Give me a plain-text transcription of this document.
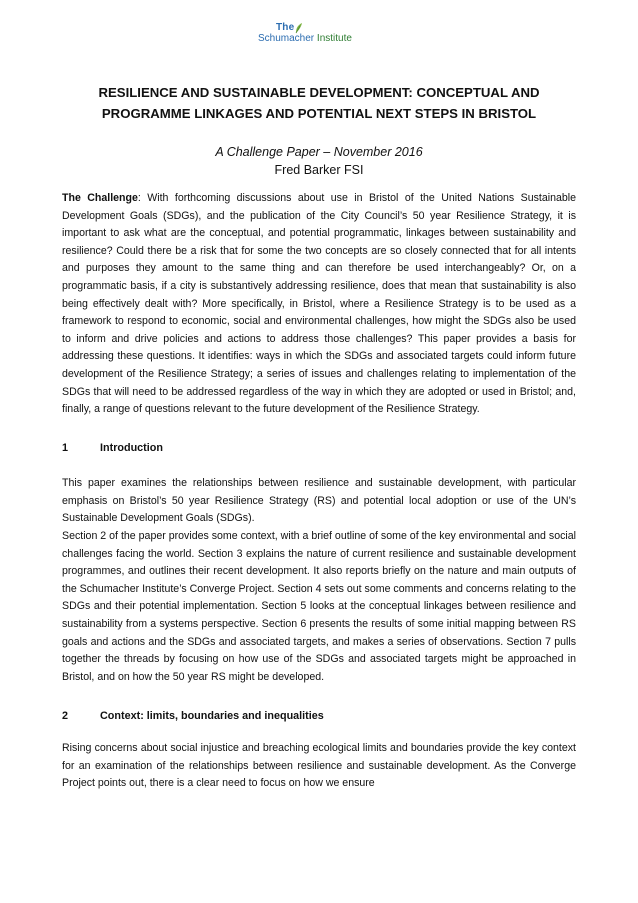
The
Schumacher Institute
RESILIENCE AND SUSTAINABLE DEVELOPMENT: CONCEPTUAL AND
PROGRAMME LINKAGES AND POTENTIAL NEXT STEPS IN BRISTOL

A Challenge Paper – November 2016

Fred Barker FSI

The Challenge: With forthcoming discussions about use in Bristol of the United Nations Sustainable Development Goals (SDGs), and the publication of the City Council’s 50 year Resilience Strategy, it is important to ask what are the conceptual, and potential programmatic, linkages between sustainability and resilience? Could there be a risk that for some the two concepts are so closely connected that for all intents and purposes they amount to the same thing and can therefore be used interchangeably? Or, on a programmatic basis, if a city is substantively addressing resilience, does that mean that sustainability is also being effectively dealt with? More specifically, in Bristol, where a Resilience Strategy is to be used as a framework to respond to economic, social and environmental challenges, how might the SDGs also be used to inform and drive policies and actions to address those challenges? This paper provides a basis for addressing these questions. It identifies: ways in which the SDGs and associated targets could inform future development of the Resilience Strategy; a series of issues and challenges relating to implementation of the SDGs that will need to be addressed regardless of the way in which they are adopted or used in Bristol; and, finally, a range of questions relevant to the future development of the Resilience Strategy.

1	Introduction

This paper examines the relationships between resilience and sustainable development, with particular emphasis on Bristol’s 50 year Resilience Strategy (RS) and potential local adoption or use of the UN’s Sustainable Development Goals (SDGs).

Section 2 of the paper provides some context, with a brief outline of some of the key environmental and social challenges facing the world. Section 3 explains the nature of current resilience and sustainable development programmes, and outlines their recent development. It also reports briefly on the nature and main outputs of the Schumacher Institute’s Converge Project. Section 4 sets out some comments and concerns relating to the SDGs and their potential implementation. Section 5 looks at the conceptual linkages between resilience and sustainability from a systems perspective. Section 6 presents the results of some initial mapping between RS goals and actions and the SDGs and associated targets, and makes a series of observations. Section 7 pulls together the threads by focusing on how use of the SDGs and associated targets might be approached in Bristol, and on how the 50 year RS might be developed.

2	Context: limits, boundaries and inequalities

Rising concerns about social injustice and breaching ecological limits and boundaries provide the key context for an examination of the relationships between resilience and sustainable development. As the Converge Project points out, there is a clear need to focus on how we ensure
